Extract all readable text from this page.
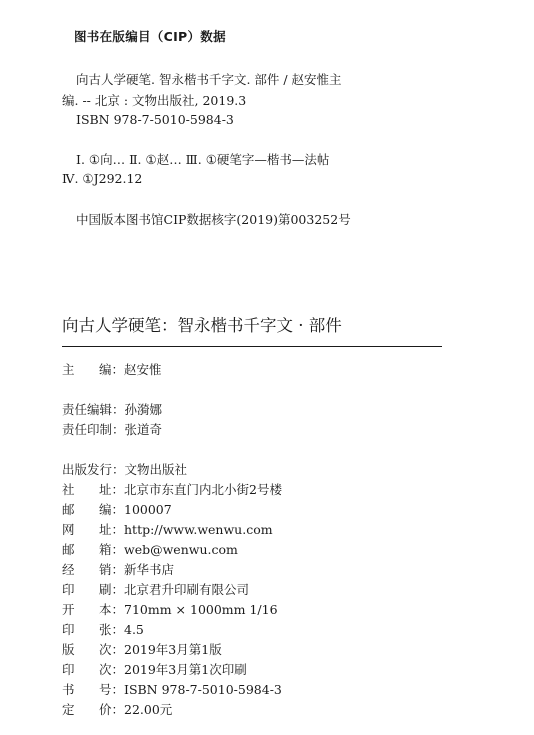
图书在版编目（CIP）数据
向古人学硬笔. 智永楷书千字文. 部件 / 赵安惟主
编. -- 北京 : 文物出版社, 2019.3
ISBN 978-7-5010-5984-3
Ⅰ. ①向… Ⅱ. ①赵… Ⅲ. ①硬笔字—楷书—法帖
Ⅳ. ①J292.12
中国版本图书馆CIP数据核字(2019)第003252号
向古人学硬笔：智永楷书千字文 · 部件
主 编： 赵安惟
责任编辑：孙漪娜
责任印制：张道奇
出版发行：文物出版社
社 址： 北京市东直门内北小街2号楼
邮 编： 100007
网 址： http://www.wenwu.com
邮 箱： web@wenwu.com
经 销： 新华书店
印 刷： 北京君升印刷有限公司
开 本： 710mm × 1000mm 1/16
印 张： 4.5
版 次： 2019年3月第1版
印 次： 2019年3月第1次印刷
书 号： ISBN 978-7-5010-5984-3
定 价： 22.00元
